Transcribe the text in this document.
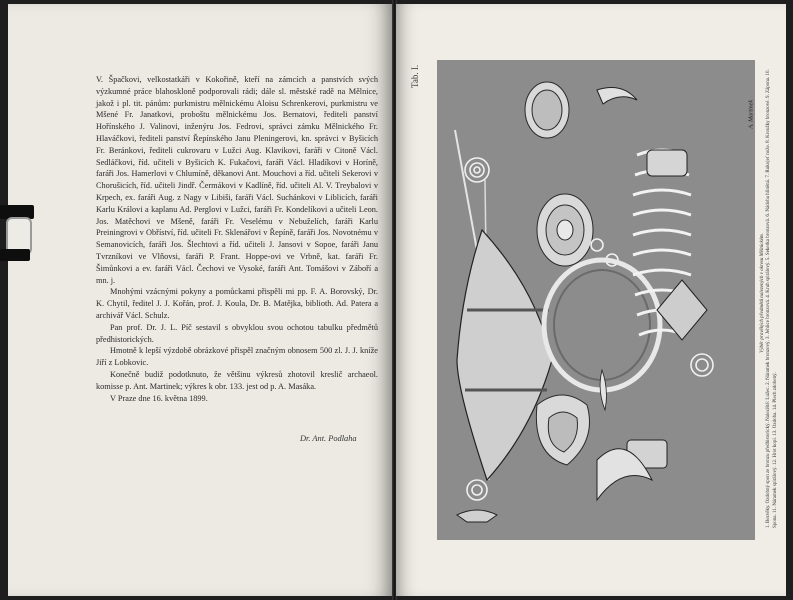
V. Špačkovi, velkostatkáři v Kokořině, kteří na zámcích a panstvích svých výzkumné práce blahoskloně podporovali rádi; dále sl. městské radě na Mělnice, jakož i pl. tit. pánům: purkmistru mělnickému Aloisu Schrenkerovi, purkmistru ve Mšené Fr. Janatkovi, proboštu mělnickému Jos. Bernatovi, řediteli panství Hořínského J. Valinovi, inženýru Jos. Fedrovi, správci zámku Mělnického Fr. Hlaváčkovi, řediteli panství Řepínského Janu Pleningerovi, kn. správci v Byšicích Fr. Beránkovi, řediteli cukrovaru v Lužci Aug. Klavikovi, faráři v Citoně Václ. Sedláčkovi, říd. učiteli v Byšicích K. Fukačovi, faráři Václ. Hladíkovi v Horíně, faráři Jos. Hamerlovi v Chlumíně, děkanovi Ant. Mouchovi a říd. učiteli Sekerovi v Chorušicích, říd. učiteli Jindř. Čermákovi v Kadlíně, říd. učiteli Al. V. Treybalovi v Krpech, ex. faráři Aug. z Nagy v Libiši, faráři Václ. Suchánkovi v Liblicích, faráři Karlu Královi a kaplanu Ad. Perglovi v Lužci, faráři Fr. Kondelíkovi a učiteli Leon. Jos. Matěchovi ve Mšeně, faráři Fr. Veselému v Nebuželích, faráři Karlu Preiningrovi v Obříství, říd. učiteli Fr. Sklenářovi v Řepíně, faráři Jos. Novotnému v Semanovicích, faráři Jos. Šlechtovi a říd. učiteli J. Jansovi v Sopoe, faráři Janu Tvrzníkovi ve Vlňovsi, faráři P. Frant. Hoppe-ovi ve Vrbně, kat. faráři Fr. Šimůnkovi a ev. faráři Václ. Čechovi ve Vysoké, faráři Ant. Tomášovi v Záboří a mn. j.

Mnohými vzácnými pokyny a pomůckami přispěli mi pp. F. A. Borovský, Dr. K. Chytil, ředitel J. J. Kořán, prof. J. Koula, Dr. B. Matějka, biblioth. Ad. Patera a archivář Václ. Schulz.

Pan prof. Dr. J. L. Píč sestavil s obvyklou svou ochotou tabulku předmětů předhistorických.

Hmotně k lepší výzdobě obrázkové přispěl značným obnosem 500 zl. J. J. kníže Jiří z Lobkovic.

Konečně budiž podotknuto, že většinu výkresů zhotovil kreslič archaeol. komisse p. Ant. Martinek; výkres k obr. 133. jest od p. A. Masáka.

V Praze dne 16. května 1899.

Dr. Ant. Podlaha
Tab. I.
A. Martinek
Výběr pravěkých předmětů nalezených v okresu Mělnickém. 1. Bezvěky. Ozdobný spon ze bronzu předhistorický. Naleziště: Lužec. 2. Náramek bronzový. 3. Jehlice bronzová. 4. Kruh spirálový. 5. Sekerka bronzová. 6. Nádoba hliněná. 7. Rukojeť nože. 8. Kroužky bronzové. 9. Zápona. 10. Spona. 11. Náramek spirálový. 12. Hrot kopí. 13. Ozdoba. 14. Plech zdobený.
